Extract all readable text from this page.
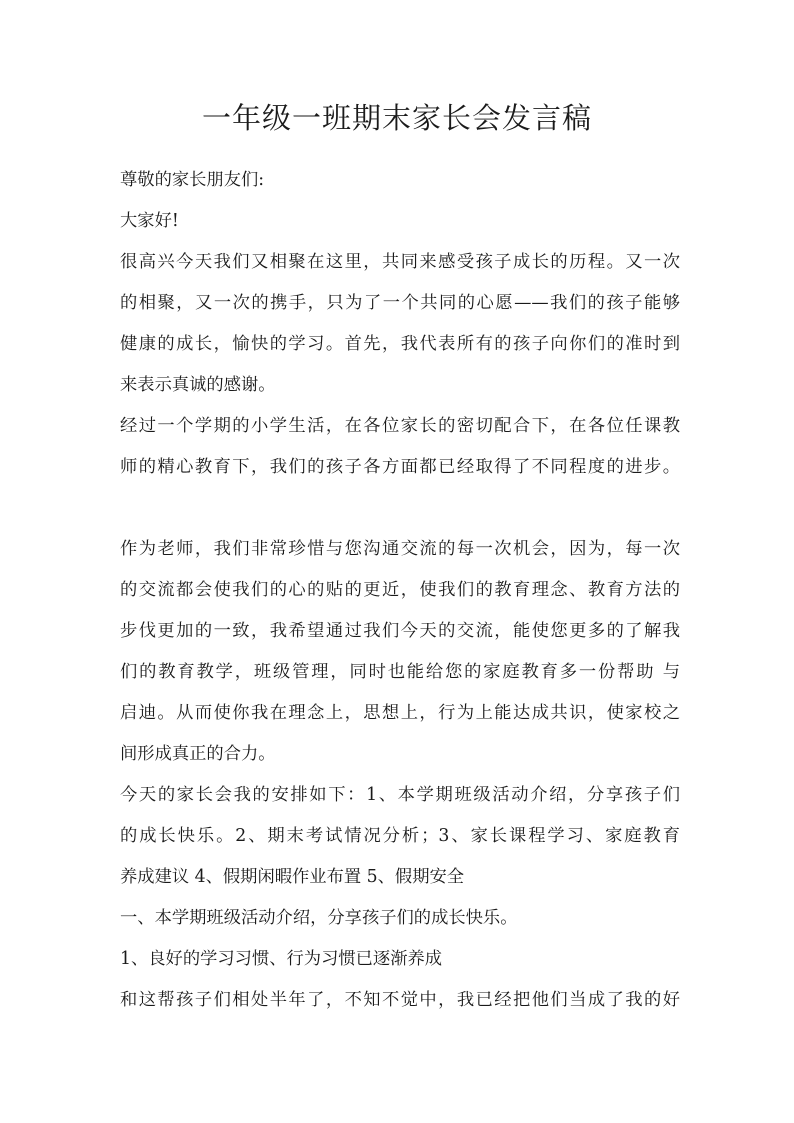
一年级一班期末家长会发言稿
尊敬的家长朋友们:
大家好!
很高兴今天我们又相聚在这里，共同来感受孩子成长的历程。又一次
的相聚，又一次的携手，只为了一个共同的心愿——我们的孩子能够
健康的成长，愉快的学习。首先，我代表所有的孩子向你们的准时到
来表示真诚的感谢。
经过一个学期的小学生活，在各位家长的密切配合下，在各位任课教
师的精心教育下，我们的孩子各方面都已经取得了不同程度的进步。
作为老师，我们非常珍惜与您沟通交流的每一次机会，因为，每一次
的交流都会使我们的心的贴的更近，使我们的教育理念、教育方法的
步伐更加的一致，我希望通过我们今天的交流，能使您更多的了解我
们的教育教学，班级管理，同时也能给您的家庭教育多一份帮助 与
启迪。从而使你我在理念上，思想上，行为上能达成共识，使家校之
间形成真正的合力。
今天的家长会我的安排如下：1、本学期班级活动介绍，分享孩子们
的成长快乐。2、期末考试情况分析；3、家长课程学习、家庭教育
养成建议 4、假期闲暇作业布置 5、假期安全
一、本学期班级活动介绍，分享孩子们的成长快乐。
1、良好的学习习惯、行为习惯已逐渐养成
和这帮孩子们相处半年了，不知不觉中，我已经把他们当成了我的好
